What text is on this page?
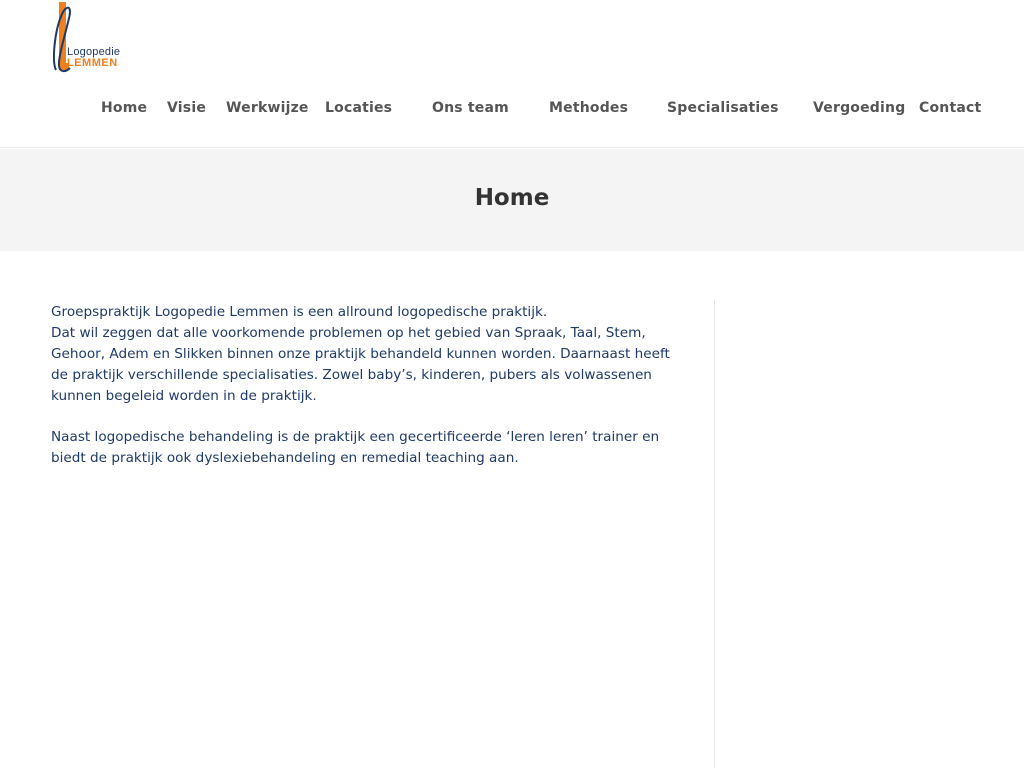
Logopedie
LEMMEN
Home Visie Werkwijze Locaties	Ons team	Methodes	Specialisaties Vergoeding Contact
Home

Groepspraktijk Logopedie Lemmen is een allround logopedische praktijk.
Dat wil zeggen dat alle voorkomende problemen op het gebied van Spraak, Taal, Stem, Gehoor, Adem en Slikken binnen onze praktijk behandeld kunnen worden. Daarnaast heeft de praktijk verschillende specialisaties. Zowel baby’s, kinderen, pubers als volwassenen kunnen begeleid worden in de praktijk.

Naast logopedische behandeling is de praktijk een gecertificeerde ‘leren leren’ trainer en biedt de praktijk ook dyslexiebehandeling en remedial teaching aan.
